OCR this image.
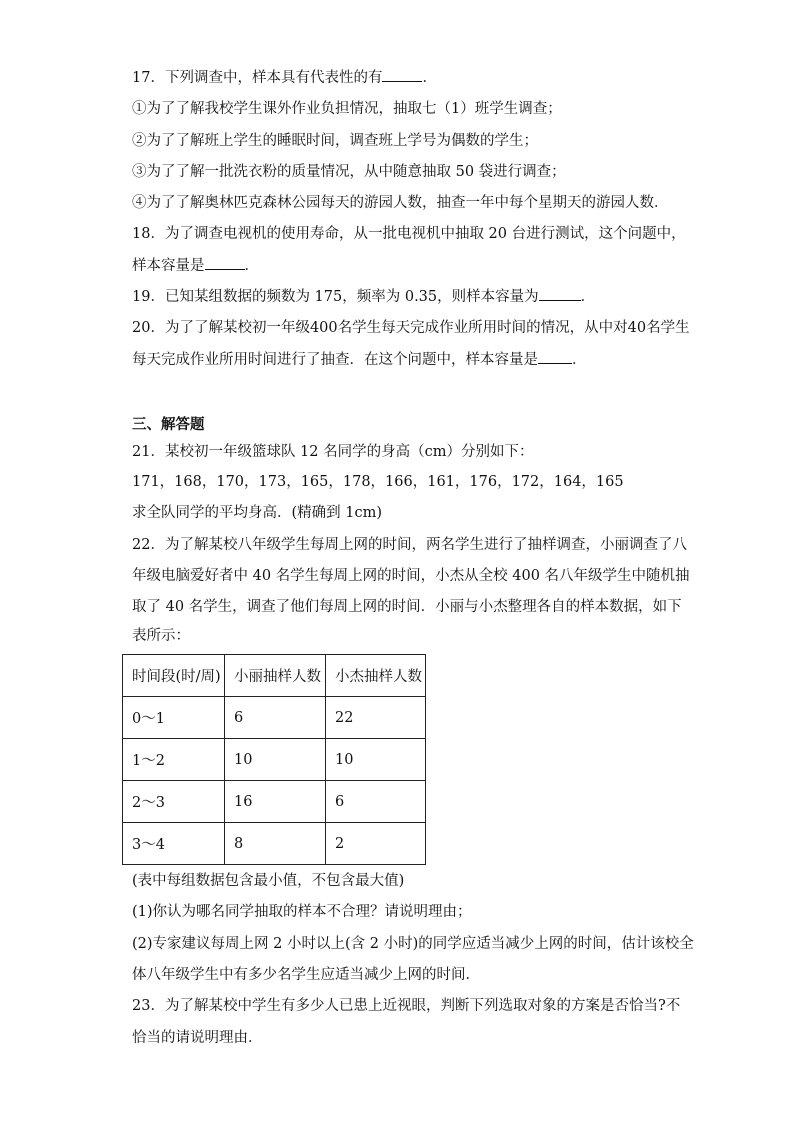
17．下列调查中，样本具有代表性的有	．
①为了了解我校学生课外作业负担情况，抽取七（1）班学生调查；
②为了了解班上学生的睡眠时间，调查班上学号为偶数的学生；
③为了了解一批洗衣粉的质量情况，从中随意抽取 50 袋进行调查；
④为了了解奥林匹克森林公园每天的游园人数，抽查一年中每个星期天的游园人数．
18．为了调查电视机的使用寿命，从一批电视机中抽取 20 台进行测试，这个问题中，
样本容量是	．
19．已知某组数据的频数为 175，频率为 0.35，则样本容量为	．
20．为了了解某校初一年级400名学生每天完成作业所用时间的情况，从中对40名学生
每天完成作业所用时间进行了抽查．在这个问题中，样本容量是 ．
三、解答题
21．某校初一年级篮球队 12 名同学的身高（cm）分别如下：
171，168，170，173，165，178，166，161，176，172，164，165
求全队同学的平均身高．(精确到 1cm)
22．为了解某校八年级学生每周上网的时间，两名学生进行了抽样调查，小丽调查了八
年级电脑爱好者中 40 名学生每周上网的时间，小杰从全校 400 名八年级学生中随机抽
取了 40 名学生，调查了他们每周上网的时间．小丽与小杰整理各自的样本数据，如下
表所示：
时间段(时/周)	小丽抽样人数	小杰抽样人数
0～1	6	22
1～2	10	10
2～3	16	6
3～4	8	2
(表中每组数据包含最小值，不包含最大值)
(1)你认为哪名同学抽取的样本不合理？请说明理由；
(2)专家建议每周上网 2 小时以上(含 2 小时)的同学应适当减少上网的时间，估计该校全
体八年级学生中有多少名学生应适当减少上网的时间．
23．为了解某校中学生有多少人已患上近视眼，判断下列选取对象的方案是否恰当?不
恰当的请说明理由．
